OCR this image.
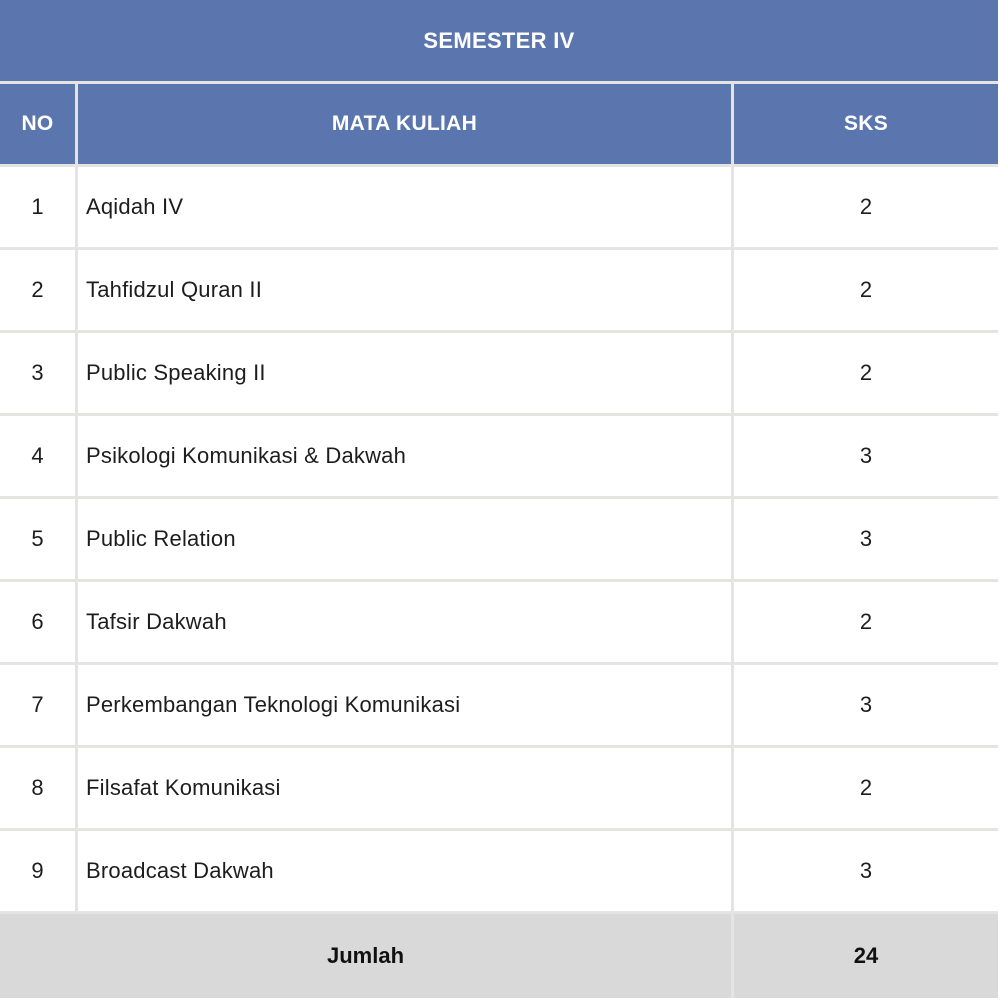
SEMESTER IV		
NO	MATA KULIAH	SKS
1	Aqidah IV	2
2	Tahfidzul Quran II	2
3	Public Speaking II	2
4	Psikologi Komunikasi & Dakwah	3
5	Public Relation	3
6	Tafsir Dakwah	2
7	Perkembangan Teknologi Komunikasi	3
8	Filsafat Komunikasi	2
9	Broadcast Dakwah	3
Jumlah		24
